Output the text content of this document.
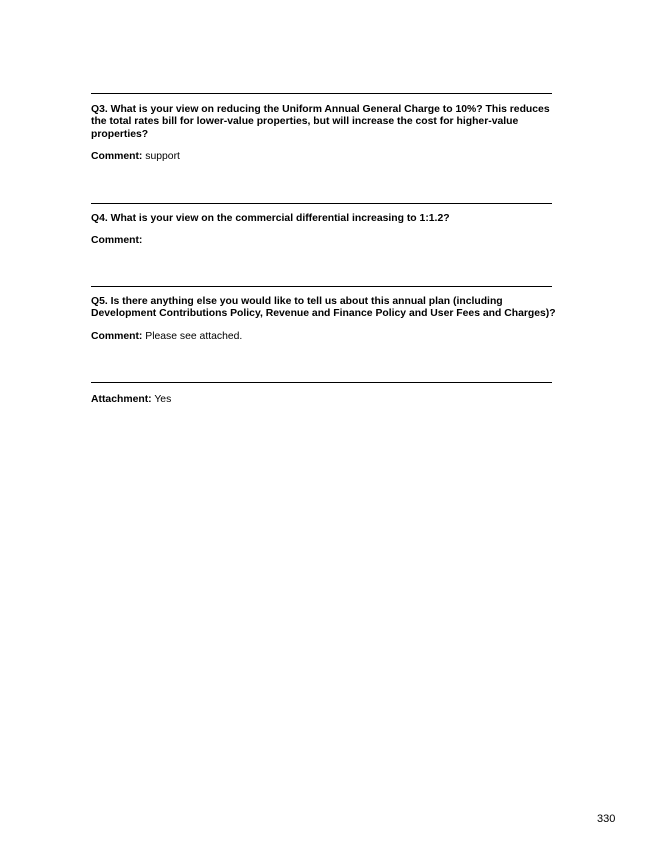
Q3. What is your view on reducing the Uniform Annual General Charge to 10%? This reduces the total rates bill for lower-value properties, but will increase the cost for higher-value properties?

Comment: support

Q4. What is your view on the commercial differential increasing to 1:1.2?

Comment:

Q5. Is there anything else you would like to tell us about this annual plan (including Development Contributions Policy, Revenue and Finance Policy and User Fees and Charges)?

Comment: Please see attached.

Attachment: Yes

330
